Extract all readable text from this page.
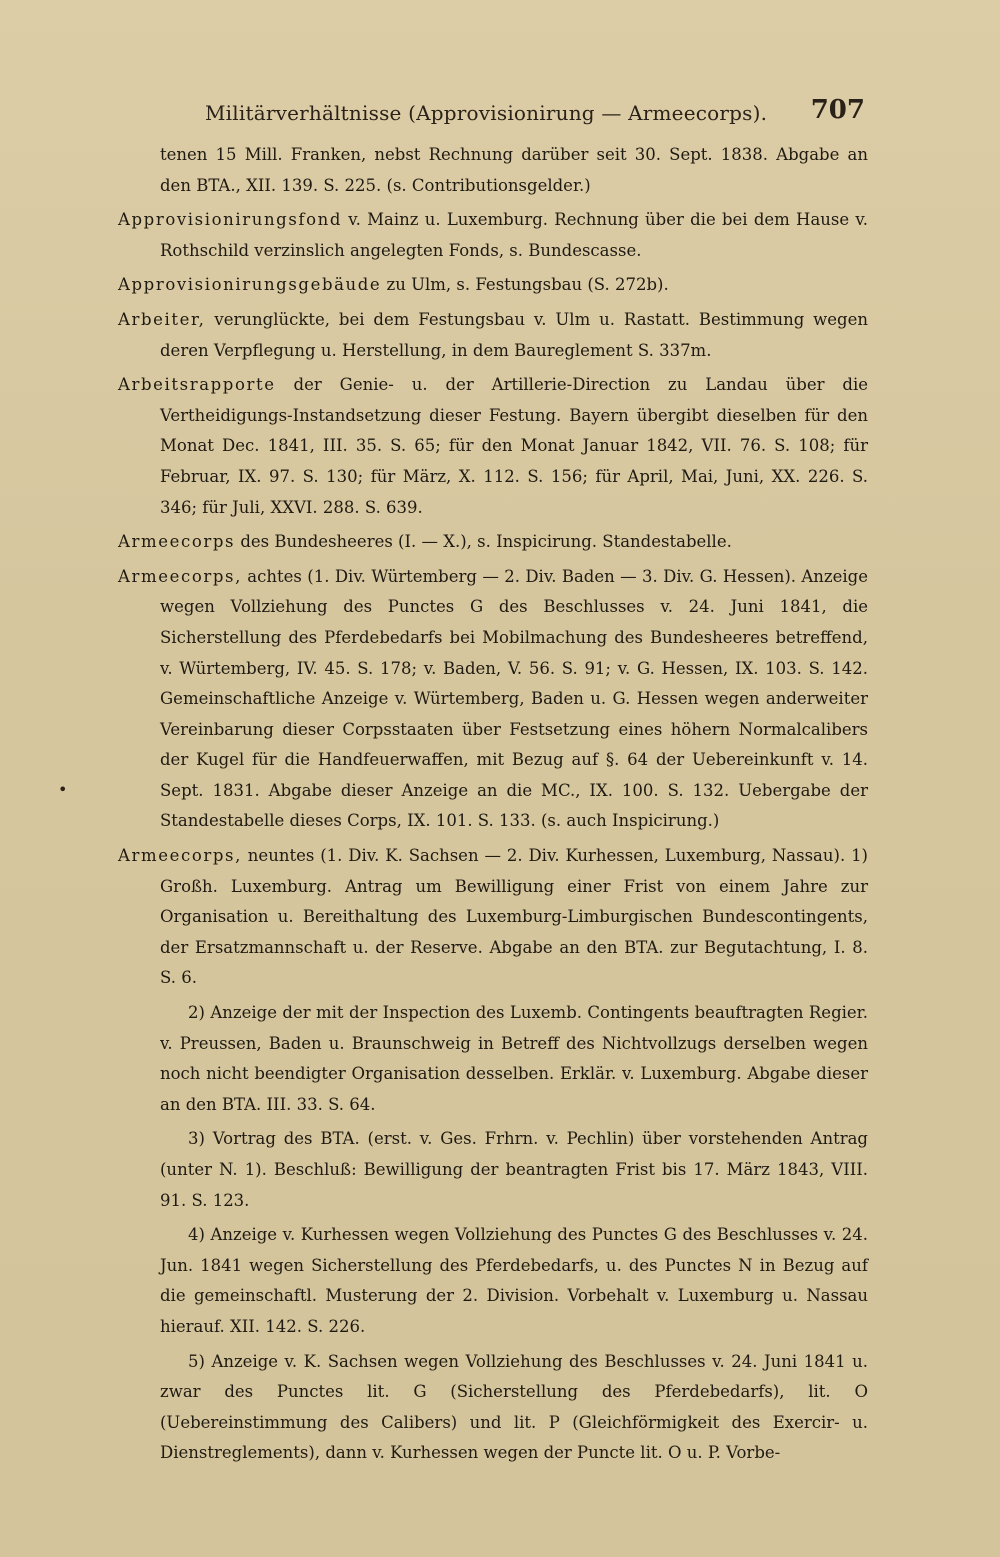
Militärverhältnisse (Approvisionirung — Armeecorps). 707
•

tenen 15 Mill. Franken, nebst Rechnung darüber seit 30. Sept. 1838. Abgabe an den BTA., XII. 139. S. 225. (s. Contributionsgelder.)

Approvisionirungsfond v. Mainz u. Luxemburg. Rechnung über die bei dem Hause v. Rothschild verzinslich angelegten Fonds, s. Bundescasse.

Approvisionirungsgebäude zu Ulm, s. Festungsbau (S. 272b).

Arbeiter, verunglückte, bei dem Festungsbau v. Ulm u. Rastatt. Bestimmung wegen deren Verpflegung u. Herstellung, in dem Baureglement S. 337m.

Arbeitsrapporte der Genie- u. der Artillerie-Direction zu Landau über die Vertheidigungs-Instandsetzung dieser Festung. Bayern übergibt dieselben für den Monat Dec. 1841, III. 35. S. 65; für den Monat Januar 1842, VII. 76. S. 108; für Februar, IX. 97. S. 130; für März, X. 112. S. 156; für April, Mai, Juni, XX. 226. S. 346; für Juli, XXVI. 288. S. 639.

Armeecorps des Bundesheeres (I. — X.), s. Inspicirung. Standestabelle.

Armeecorps, achtes (1. Div. Würtemberg — 2. Div. Baden — 3. Div. G. Hessen). Anzeige wegen Vollziehung des Punctes G des Beschlusses v. 24. Juni 1841, die Sicherstellung des Pferdebedarfs bei Mobilmachung des Bundesheeres betreffend, v. Würtemberg, IV. 45. S. 178; v. Baden, V. 56. S. 91; v. G. Hessen, IX. 103. S. 142. Gemeinschaftliche Anzeige v. Würtemberg, Baden u. G. Hessen wegen anderweiter Vereinbarung dieser Corpsstaaten über Festsetzung eines höhern Normalcalibers der Kugel für die Handfeuerwaffen, mit Bezug auf §. 64 der Uebereinkunft v. 14. Sept. 1831. Abgabe dieser Anzeige an die MC., IX. 100. S. 132. Uebergabe der Standestabelle dieses Corps, IX. 101. S. 133. (s. auch Inspicirung.)

Armeecorps, neuntes (1. Div. K. Sachsen — 2. Div. Kurhessen, Luxemburg, Nassau). 1) Großh. Luxemburg. Antrag um Bewilligung einer Frist von einem Jahre zur Organisation u. Bereithaltung des Luxemburg-Limburgischen Bundescontingents, der Ersatzmannschaft u. der Reserve. Abgabe an den BTA. zur Begutachtung, I. 8. S. 6.

2) Anzeige der mit der Inspection des Luxemb. Contingents beauftragten Regier. v. Preussen, Baden u. Braunschweig in Betreff des Nichtvollzugs derselben wegen noch nicht beendigter Organisation desselben. Erklär. v. Luxemburg. Abgabe dieser an den BTA. III. 33. S. 64.

3) Vortrag des BTA. (erst. v. Ges. Frhrn. v. Pechlin) über vorstehenden Antrag (unter N. 1). Beschluß: Bewilligung der beantragten Frist bis 17. März 1843, VIII. 91. S. 123.

4) Anzeige v. Kurhessen wegen Vollziehung des Punctes G des Beschlusses v. 24. Jun. 1841 wegen Sicherstellung des Pferdebedarfs, u. des Punctes N in Bezug auf die gemeinschaftl. Musterung der 2. Division. Vorbehalt v. Luxemburg u. Nassau hierauf. XII. 142. S. 226.

5) Anzeige v. K. Sachsen wegen Vollziehung des Beschlusses v. 24. Juni 1841 u. zwar des Punctes lit. G (Sicherstellung des Pferdebedarfs), lit. O (Uebereinstimmung des Calibers) und lit. P (Gleichförmigkeit des Exercir- u. Dienstreglements), dann v. Kurhessen wegen der Puncte lit. O u. P. Vorbe-
